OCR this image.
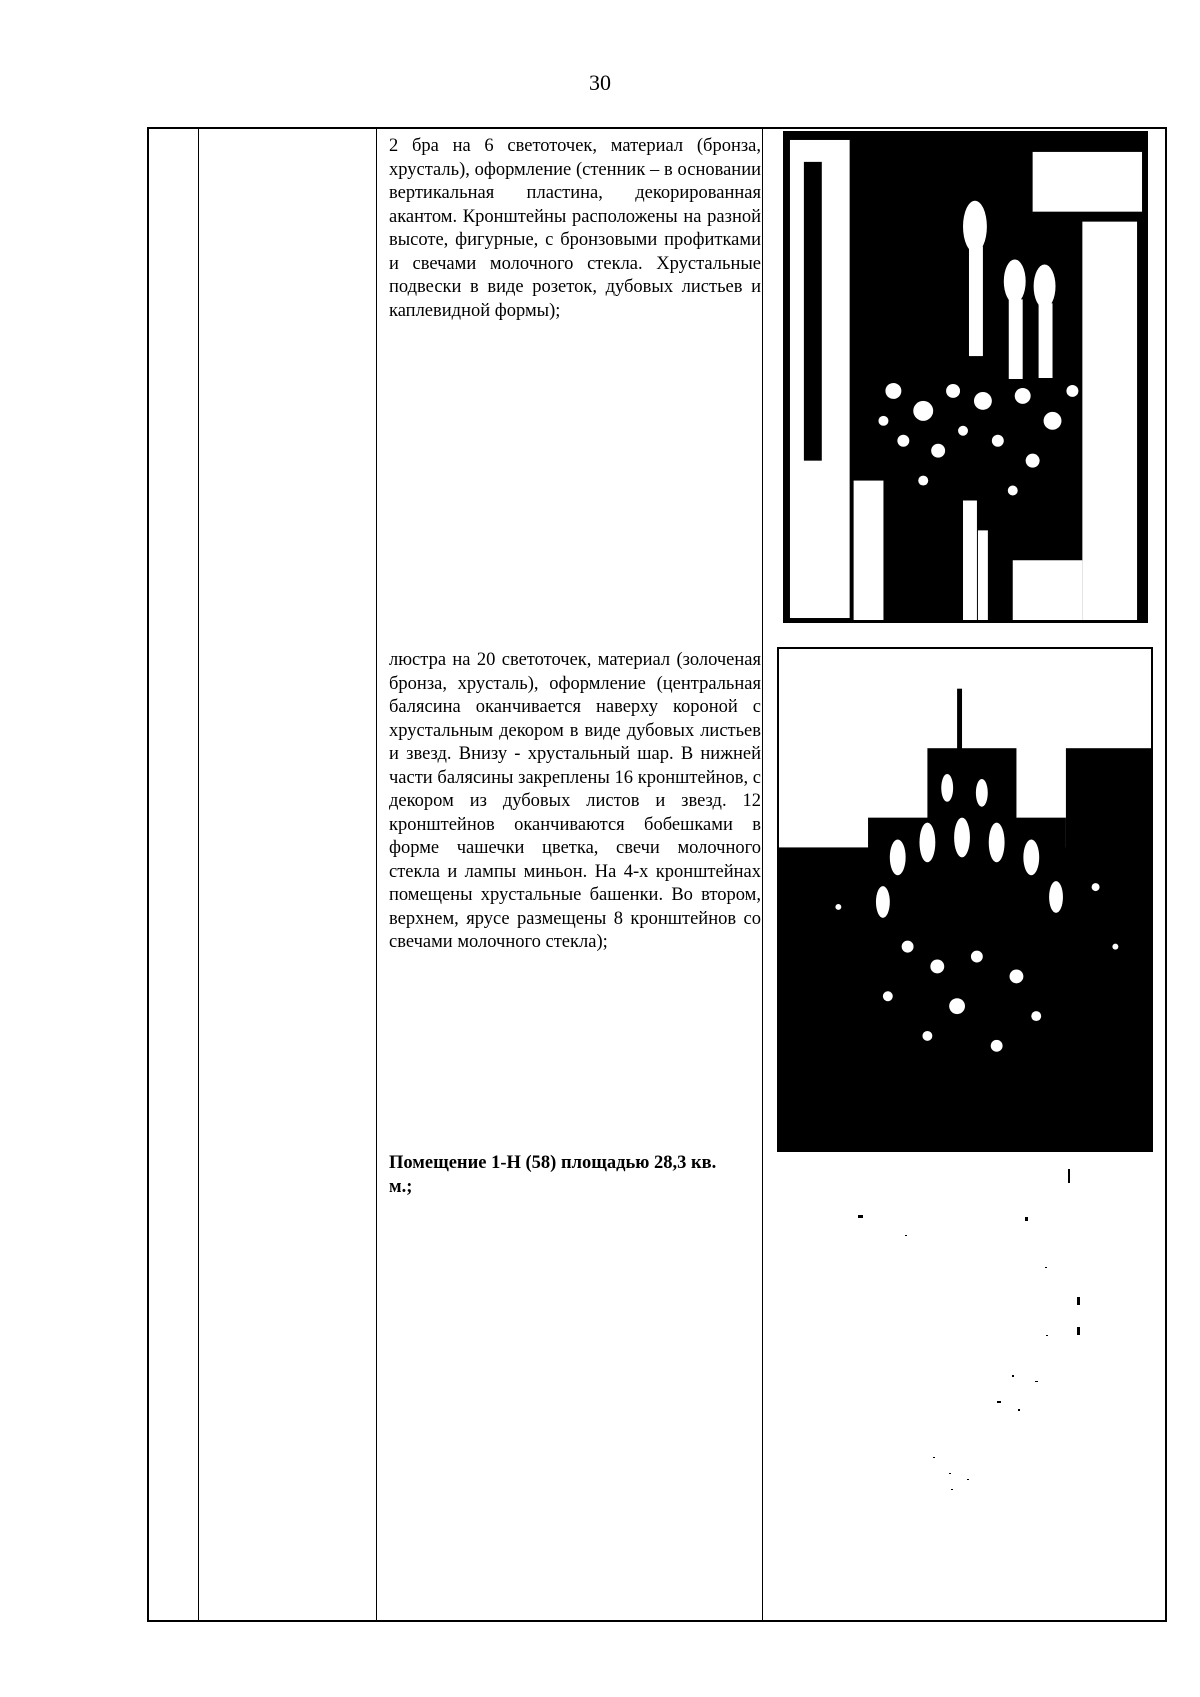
30
2 бра на 6 светоточек, материал (бронза, хрусталь), оформление (стенник – в основании вертикальная пластина, декорированная акантом. Кронштейны расположены на разной высоте, фигурные, с бронзовыми профитками и свечами молочного стекла. Хрустальные подвески в виде розеток, дубовых листьев и каплевидной формы);
люстра на 20 светоточек, материал (золоченая бронза, хрусталь), оформление (центральная балясина оканчивается наверху короной с хрустальным декором в виде дубовых листьев и звезд. Внизу - хрустальный шар. В нижней части балясины закреплены 16 кронштейнов, с декором из дубовых листов и звезд. 12 кронштейнов оканчиваются бобешками в форме чашечки цветка, свечи молочного стекла и лампы миньон. На 4-х кронштейнах помещены хрустальные башенки. Во втором, верхнем, ярусе размещены 8 кронштейнов со свечами молочного стекла);
Помещение 1-Н (58) площадью 28,3 кв. м.;
